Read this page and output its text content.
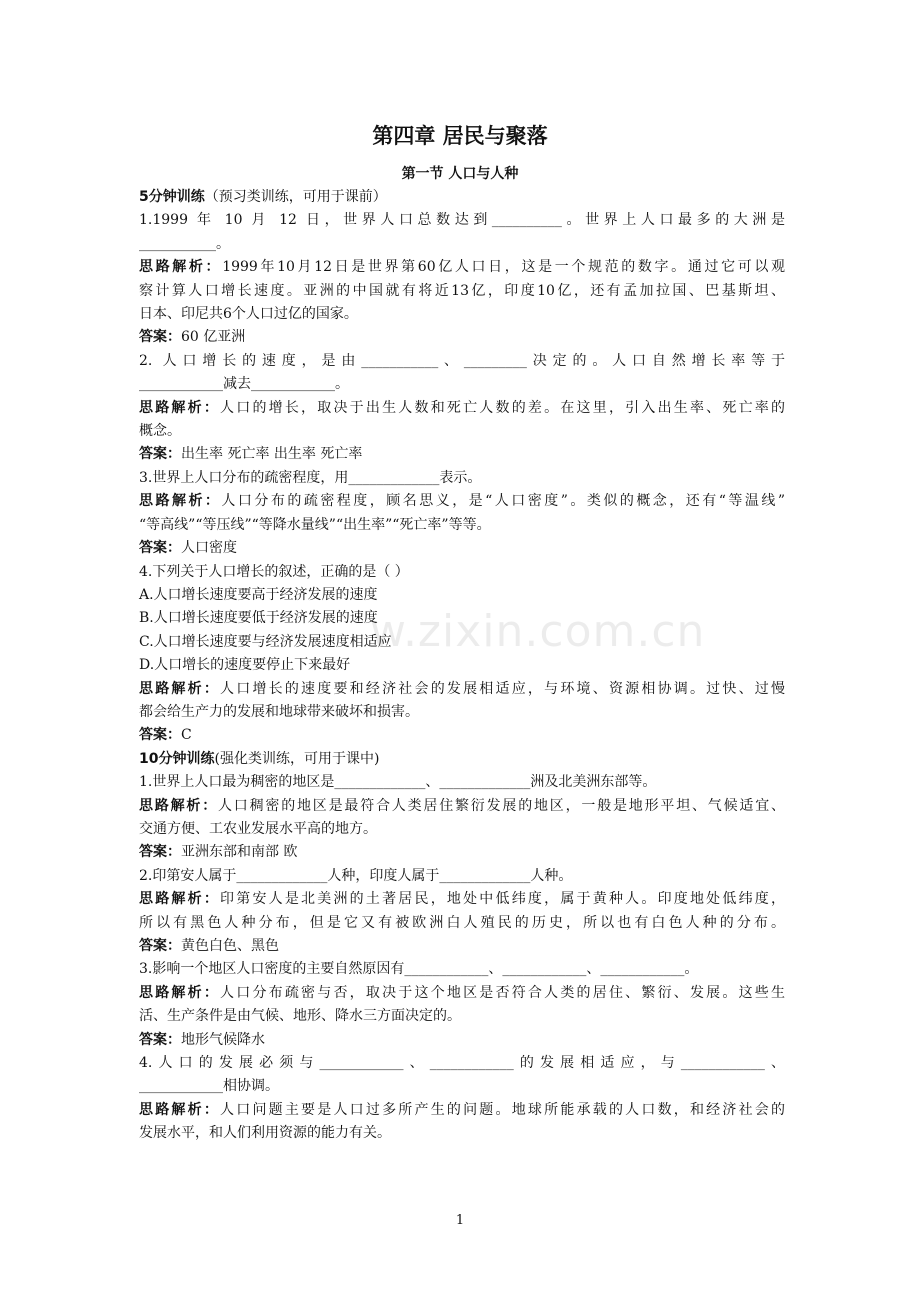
第四章 居民与聚落
第一节 人口与人种
5分钟训练（预习类训练，可用于课前）
1.1999 年 10 月 12 日，世界人口总数达到__________。世界上人口最多的大洲是
___________。
思路解析：1999年10月12日是世界第60亿人口日，这是一个规范的数字。通过它可以观
察计算人口增长速度。亚洲的中国就有将近13亿，印度10亿，还有孟加拉国、巴基斯坦、
日本、印尼共6个人口过亿的国家。
答案：60 亿亚洲
2. 人口增长的速度，是由___________、_________决定的。人口自然增长率等于
____________减去____________。
思路解析：人口的增长，取决于出生人数和死亡人数的差。在这里，引入出生率、死亡率的
概念。
答案：出生率 死亡率 出生率 死亡率
3.世界上人口分布的疏密程度，用_____________表示。
思路解析：人口分布的疏密程度，顾名思义，是“人口密度”。类似的概念，还有“等温线”
“等高线”“等压线”“等降水量线”“出生率”“死亡率”等等。
答案：人口密度
4.下列关于人口增长的叙述，正确的是（ ）
A.人口增长速度要高于经济发展的速度
B.人口增长速度要低于经济发展的速度
C.人口增长速度要与经济发展速度相适应
D.人口增长的速度要停止下来最好
思路解析：人口增长的速度要和经济社会的发展相适应，与环境、资源相协调。过快、过慢
都会给生产力的发展和地球带来破坏和损害。
答案：C
10分钟训练(强化类训练，可用于课中)
1.世界上人口最为稠密的地区是_____________、_____________洲及北美洲东部等。
思路解析：人口稠密的地区是最符合人类居住繁衍发展的地区，一般是地形平坦、气候适宜、
交通方便、工农业发展水平高的地方。
答案：亚洲东部和南部 欧
2.印第安人属于_____________人种，印度人属于_____________人种。
思路解析：印第安人是北美洲的土著居民，地处中低纬度，属于黄种人。印度地处低纬度，
所以有黑色人种分布，但是它又有被欧洲白人殖民的历史，所以也有白色人种的分布。
答案：黄色白色、黑色
3.影响一个地区人口密度的主要自然原因有____________、____________、____________。
思路解析：人口分布疏密与否，取决于这个地区是否符合人类的居住、繁衍、发展。这些生
活、生产条件是由气候、地形、降水三方面决定的。
答案：地形气候降水
4.人口的发展必须与____________、____________的发展相适应，与____________、
____________相协调。
思路解析：人口问题主要是人口过多所产生的问题。地球所能承载的人口数，和经济社会的
发展水平，和人们利用资源的能力有关。
w.zixin.com.cn
1
